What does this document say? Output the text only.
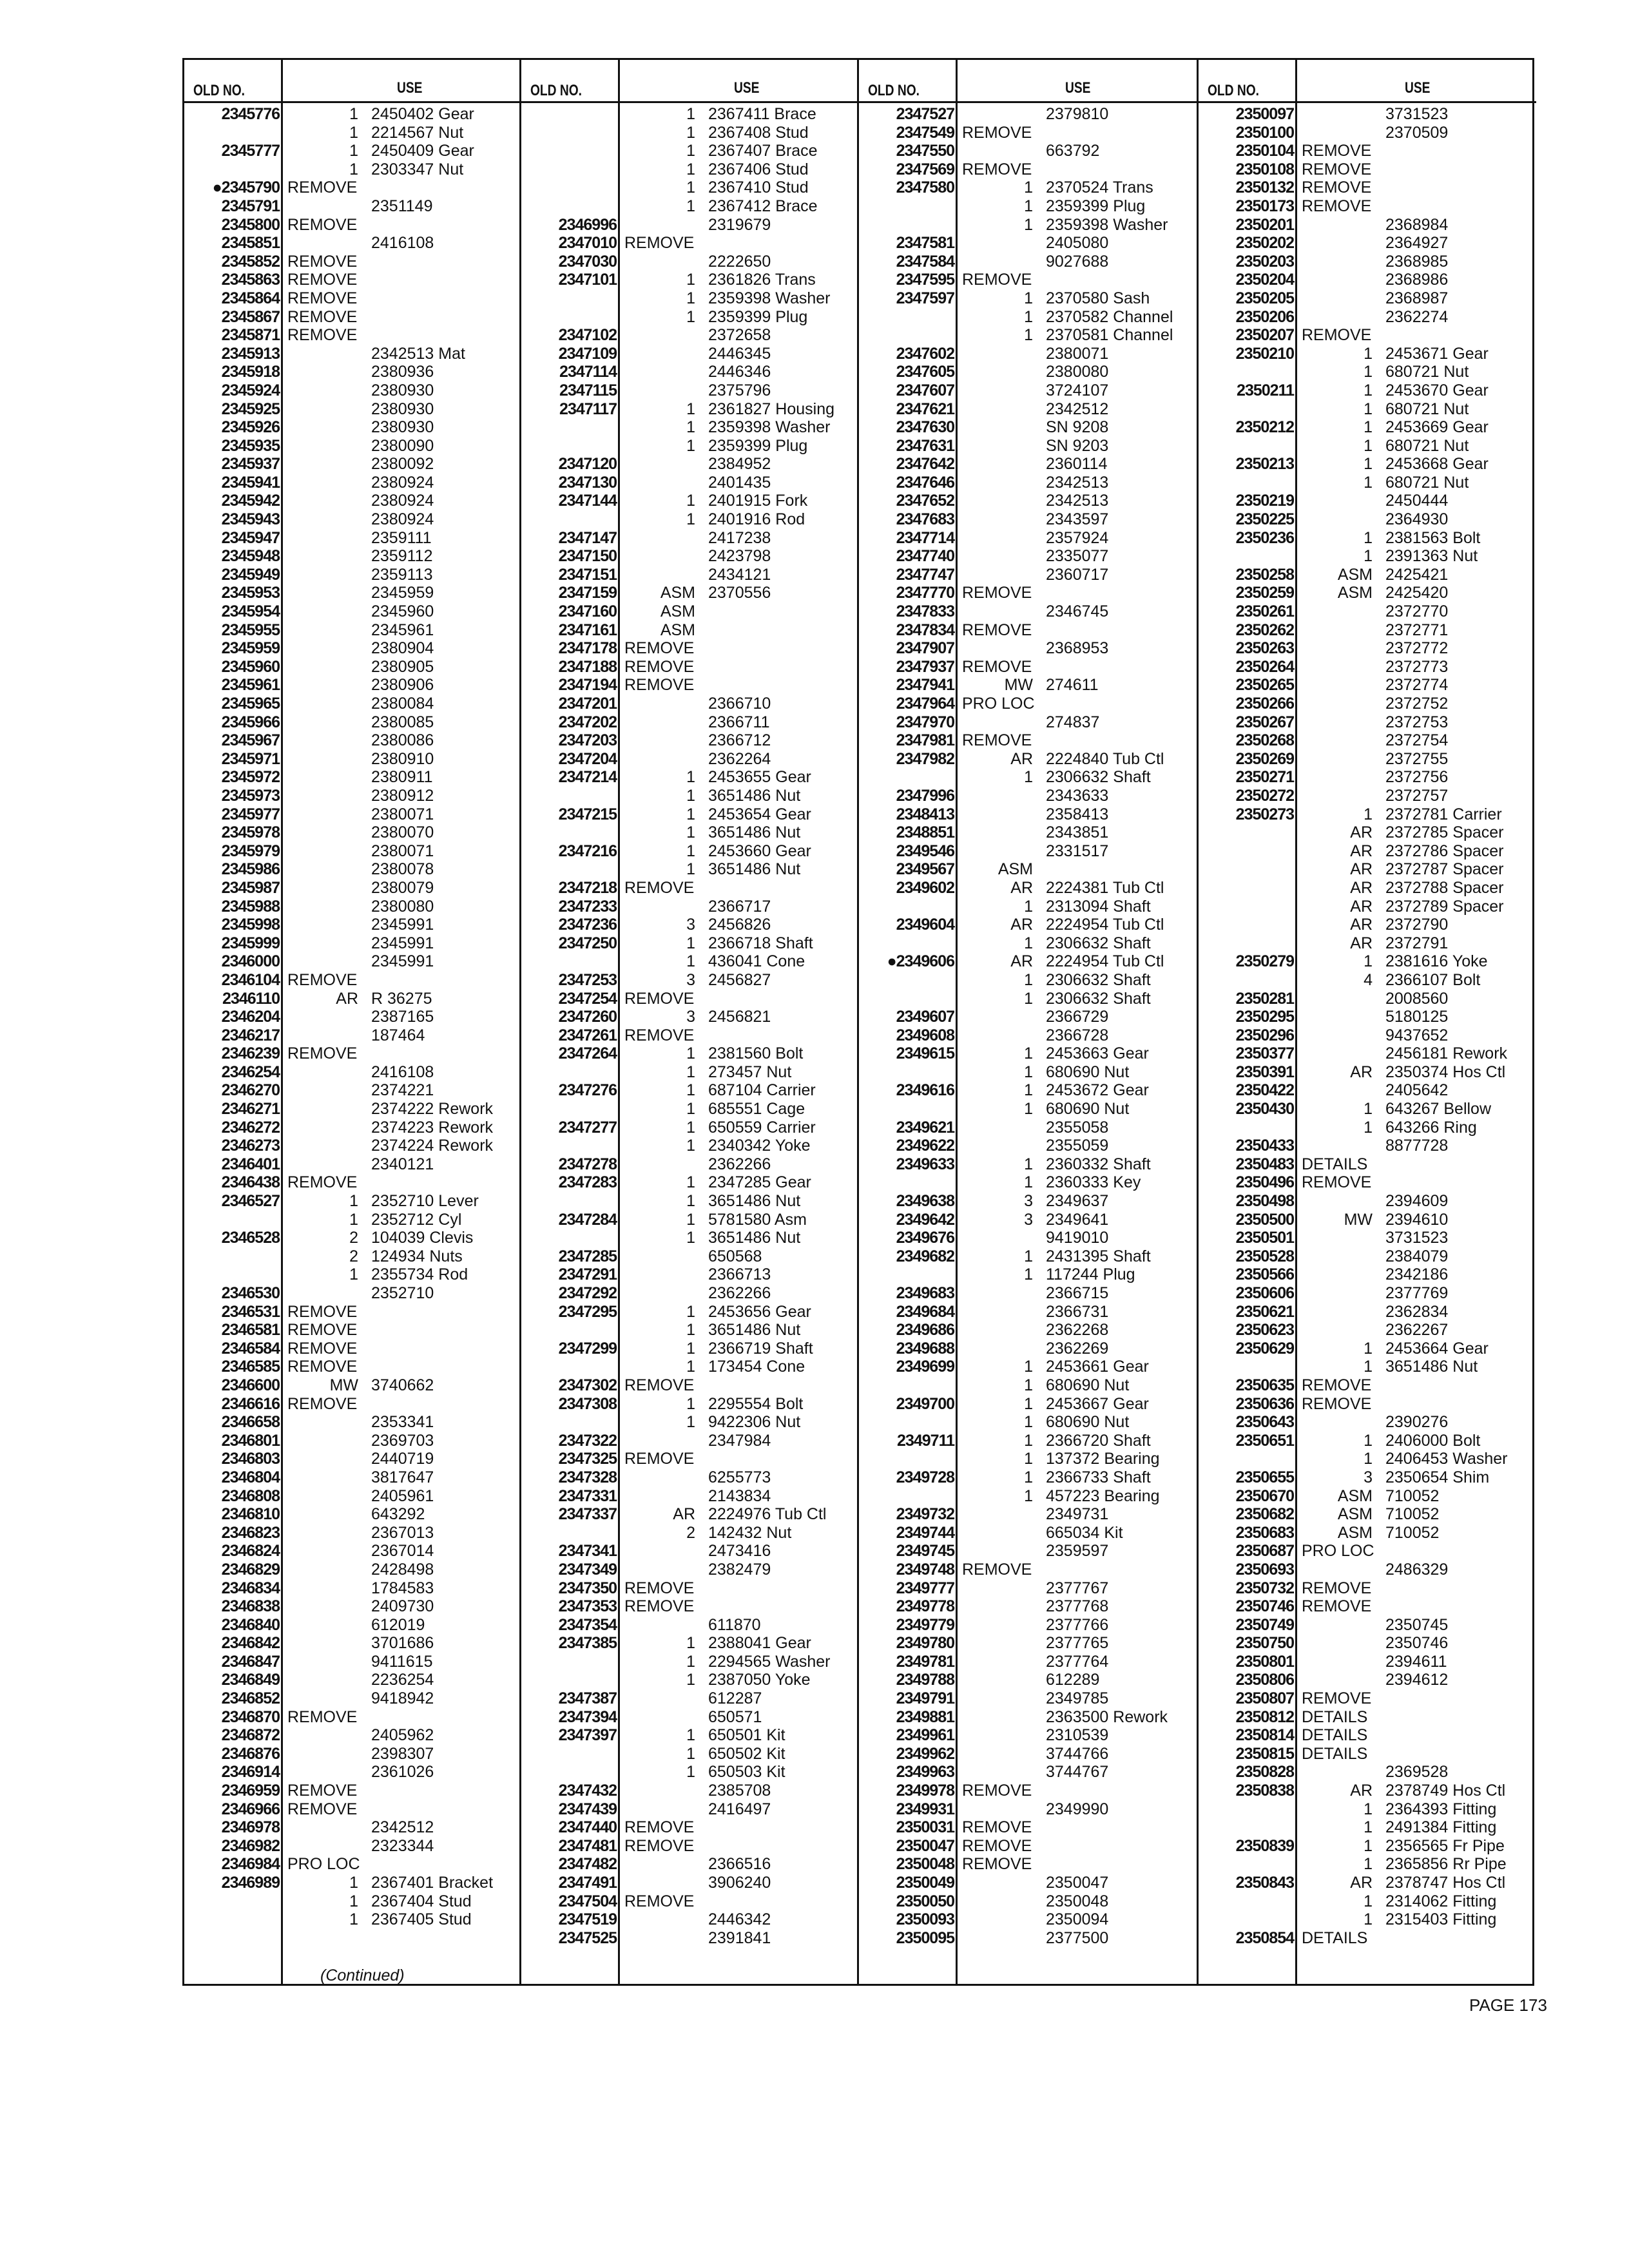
OLD NO.	USE
2345776	1 2450402 Gear
1 2214567 Nut
2345777	1 2450409 Gear
1 2303347 Nut
●2345790 REMOVE
2345791	2351149
2345800 REMOVE
2345851	2416108
2345852 REMOVE
2345863 REMOVE
2345864 REMOVE
2345867 REMOVE
2345871 REMOVE
2345913	2342513 Mat
2345918	2380936
2345924	2380930
2345925	2380930
2345926	2380930
2345935	2380090
2345937	2380092
2345941	2380924
2345942	2380924
2345943	2380924
2345947	2359111
2345948	2359112
2345949	2359113
2345953	2345959
2345954	2345960
2345955	2345961
2345959	2380904
2345960	2380905
2345961	2380906
2345965	2380084
2345966	2380085
2345967	2380086
2345971	2380910
2345972	2380911
2345973	2380912
2345977	2380071
2345978	2380070
2345979	2380071
2345986	2380078
2345987	2380079
2345988	2380080
2345998	2345991
2345999	2345991
2346000	2345991
2346104 REMOVE
2346110	AR R 36275
2346204	2387165
2346217	187464
2346239 REMOVE
2346254	2416108
2346270	2374221
2346271	2374222 Rework
2346272	2374223 Rework
2346273	2374224 Rework
2346401	2340121
2346438 REMOVE
2346527	1 2352710 Lever
1 2352712 Cyl
2346528	2 104039 Clevis
2 124934 Nuts
1 2355734 Rod
2346530	2352710
2346531 REMOVE
2346581 REMOVE
2346584 REMOVE
2346585 REMOVE
2346600	MW 3740662
2346616 REMOVE
2346658	2353341
2346801	2369703
2346803	2440719
2346804	3817647
2346808	2405961
2346810	643292
2346823	2367013
2346824	2367014
2346829	2428498
2346834	1784583
2346838	2409730
2346840	612019
2346842	3701686
2346847	9411615
2346849	2236254
2346852	9418942
2346870 REMOVE
2346872	2405962
2346876	2398307
2346914	2361026
2346959 REMOVE
2346966 REMOVE
2346978	2342512
2346982	2323344
2346984 PRO LOC
2346989	1 2367401 Bracket
1 2367404 Stud
1 2367405 Stud
OLD NO.	USE
1 2367411 Brace
1 2367408 Stud
1 2367407 Brace
1 2367406 Stud
1 2367410 Stud
1 2367412 Brace
2346996	2319679
2347010 REMOVE
2347030	2222650
2347101	1 2361826 Trans
1 2359398 Washer
1 2359399 Plug
2347102	2372658
2347109	2446345
2347114	2446346
2347115	2375796
2347117	1 2361827 Housing
1 2359398 Washer
1 2359399 Plug
2347120	2384952
2347130	2401435
2347144	1 2401915 Fork
1 2401916 Rod
2347147	2417238
2347150	2423798
2347151	2434121
2347159	ASM 2370556
2347160	ASM
2347161	ASM
2347178 REMOVE
2347188 REMOVE
2347194 REMOVE
2347201	2366710
2347202	2366711
2347203	2366712
2347204	2362264
2347214	1 2453655 Gear
1 3651486 Nut
2347215	1 2453654 Gear
1 3651486 Nut
2347216	1 2453660 Gear
1 3651486 Nut
2347218 REMOVE
2347233	2366717
2347236	3 2456826
2347250	1 2366718 Shaft
1 436041 Cone
2347253	3 2456827
2347254 REMOVE
2347260	3 2456821
2347261 REMOVE
2347264	1 2381560 Bolt
1 273457 Nut
2347276	1 687104 Carrier
1 685551 Cage
2347277	1 650559 Carrier
1 2340342 Yoke
2347278	2362266
2347283	1 2347285 Gear
1 3651486 Nut
2347284	1 5781580 Asm
1 3651486 Nut
2347285	650568
2347291	2366713
2347292	2362266
2347295	1 2453656 Gear
1 3651486 Nut
2347299	1 2366719 Shaft
1 173454 Cone
2347302 REMOVE
2347308	1 2295554 Bolt
1 9422306 Nut
2347322	2347984
2347325 REMOVE
2347328	6255773
2347331	2143834
2347337	AR 2224976 Tub Ctl
2 142432 Nut
2347341	2473416
2347349	2382479
2347350 REMOVE
2347353 REMOVE
2347354	611870
2347385	1 2388041 Gear
1 2294565 Washer
1 2387050 Yoke
2347387	612287
2347394	650571
2347397	1 650501 Kit
1 650502 Kit
1 650503 Kit
2347432	2385708
2347439	2416497
2347440 REMOVE
2347481 REMOVE
2347482	2366516
2347491	3906240
2347504 REMOVE
2347519	2446342
2347525	2391841
OLD NO.	USE
2347527	2379810
2347549 REMOVE
2347550	663792
2347569 REMOVE
2347580	1 2370524 Trans
1 2359399 Plug
1 2359398 Washer
2347581	2405080
2347584	9027688
2347595 REMOVE
2347597	1 2370580 Sash
1 2370582 Channel
1 2370581 Channel
2347602	2380071
2347605	2380080
2347607	3724107
2347621	2342512
2347630	SN 9208
2347631	SN 9203
2347642	2360114
2347646	2342513
2347652	2342513
2347683	2343597
2347714	2357924
2347740	2335077
2347747	2360717
2347770 REMOVE
2347833	2346745
2347834 REMOVE
2347907	2368953
2347937 REMOVE
2347941	MW 274611
2347964 PRO LOC
2347970	274837
2347981 REMOVE
2347982	AR 2224840 Tub Ctl
1 2306632 Shaft
2347996	2343633
2348413	2358413
2348851	2343851
2349546	2331517
2349567	ASM
2349602	AR 2224381 Tub Ctl
1 2313094 Shaft
2349604	AR 2224954 Tub Ctl
1 2306632 Shaft
●2349606	AR 2224954 Tub Ctl
1 2306632 Shaft
1 2306632 Shaft
2349607	2366729
2349608	2366728
2349615	1 2453663 Gear
1 680690 Nut
2349616	1 2453672 Gear
1 680690 Nut
2349621	2355058
2349622	2355059
2349633	1 2360332 Shaft
1 2360333 Key
2349638	3 2349637
2349642	3 2349641
2349676	9419010
2349682	1 2431395 Shaft
1 117244 Plug
2349683	2366715
2349684	2366731
2349686	2362268
2349688	2362269
2349699	1 2453661 Gear
1 680690 Nut
2349700	1 2453667 Gear
1 680690 Nut
2349711	1 2366720 Shaft
1 137372 Bearing
2349728	1 2366733 Shaft
1 457223 Bearing
2349732	2349731
2349744	665034 Kit
2349745	2359597
2349748 REMOVE
2349777	2377767
2349778	2377768
2349779	2377766
2349780	2377765
2349781	2377764
2349788	612289
2349791	2349785
2349881	2363500 Rework
2349961	2310539
2349962	3744766
2349963	3744767
2349978 REMOVE
2349931	2349990
2350031 REMOVE
2350047 REMOVE
2350048 REMOVE
2350049	2350047
2350050	2350048
2350093	2350094
2350095	2377500
OLD NO.	USE
2350097	3731523
2350100	2370509
2350104 REMOVE
2350108 REMOVE
2350132 REMOVE
2350173 REMOVE
2350201	2368984
2350202	2364927
2350203	2368985
2350204	2368986
2350205	2368987
2350206	2362274
2350207 REMOVE
2350210	1 2453671 Gear
1 680721 Nut
2350211	1 2453670 Gear
1 680721 Nut
2350212	1 2453669 Gear
1 680721 Nut
2350213	1 2453668 Gear
1 680721 Nut
2350219	2450444
2350225	2364930
2350236	1 2381563 Bolt
1 2391363 Nut
2350258	ASM 2425421
2350259	ASM 2425420
2350261	2372770
2350262	2372771
2350263	2372772
2350264	2372773
2350265	2372774
2350266	2372752
2350267	2372753
2350268	2372754
2350269	2372755
2350271	2372756
2350272	2372757
2350273	1 2372781 Carrier
AR 2372785 Spacer
AR 2372786 Spacer
AR 2372787 Spacer
AR 2372788 Spacer
AR 2372789 Spacer
AR 2372790
AR 2372791
2350279	1 2381616 Yoke
4 2366107 Bolt
2350281	2008560
2350295	5180125
2350296	9437652
2350377	2456181 Rework
2350391	AR 2350374 Hos Ctl
2350422	2405642
2350430	1 643267 Bellow
1 643266 Ring
2350433	8877728
2350483 DETAILS
2350496 REMOVE
2350498	2394609
2350500	MW 2394610
2350501	3731523
2350528	2384079
2350566	2342186
2350606	2377769
2350621	2362834
2350623	2362267
2350629	1 2453664 Gear
1 3651486 Nut
2350635 REMOVE
2350636 REMOVE
2350643	2390276
2350651	1 2406000 Bolt
1 2406453 Washer
2350655	3 2350654 Shim
2350670	ASM 710052
2350682	ASM 710052
2350683	ASM 710052
2350687 PRO LOC
2350693	2486329
2350732 REMOVE
2350746 REMOVE
2350749	2350745
2350750	2350746
2350801	2394611
2350806	2394612
2350807 REMOVE
2350812 DETAILS
2350814 DETAILS
2350815 DETAILS
2350828	2369528
2350838	AR 2378749 Hos Ctl
1 2364393 Fitting
1 2491384 Fitting
2350839	1 2356565 Fr Pipe
1 2365856 Rr Pipe
2350843	AR 2378747 Hos Ctl
1 2314062 Fitting
1 2315403 Fitting
2350854 DETAILS
(Continued)
PAGE 173
